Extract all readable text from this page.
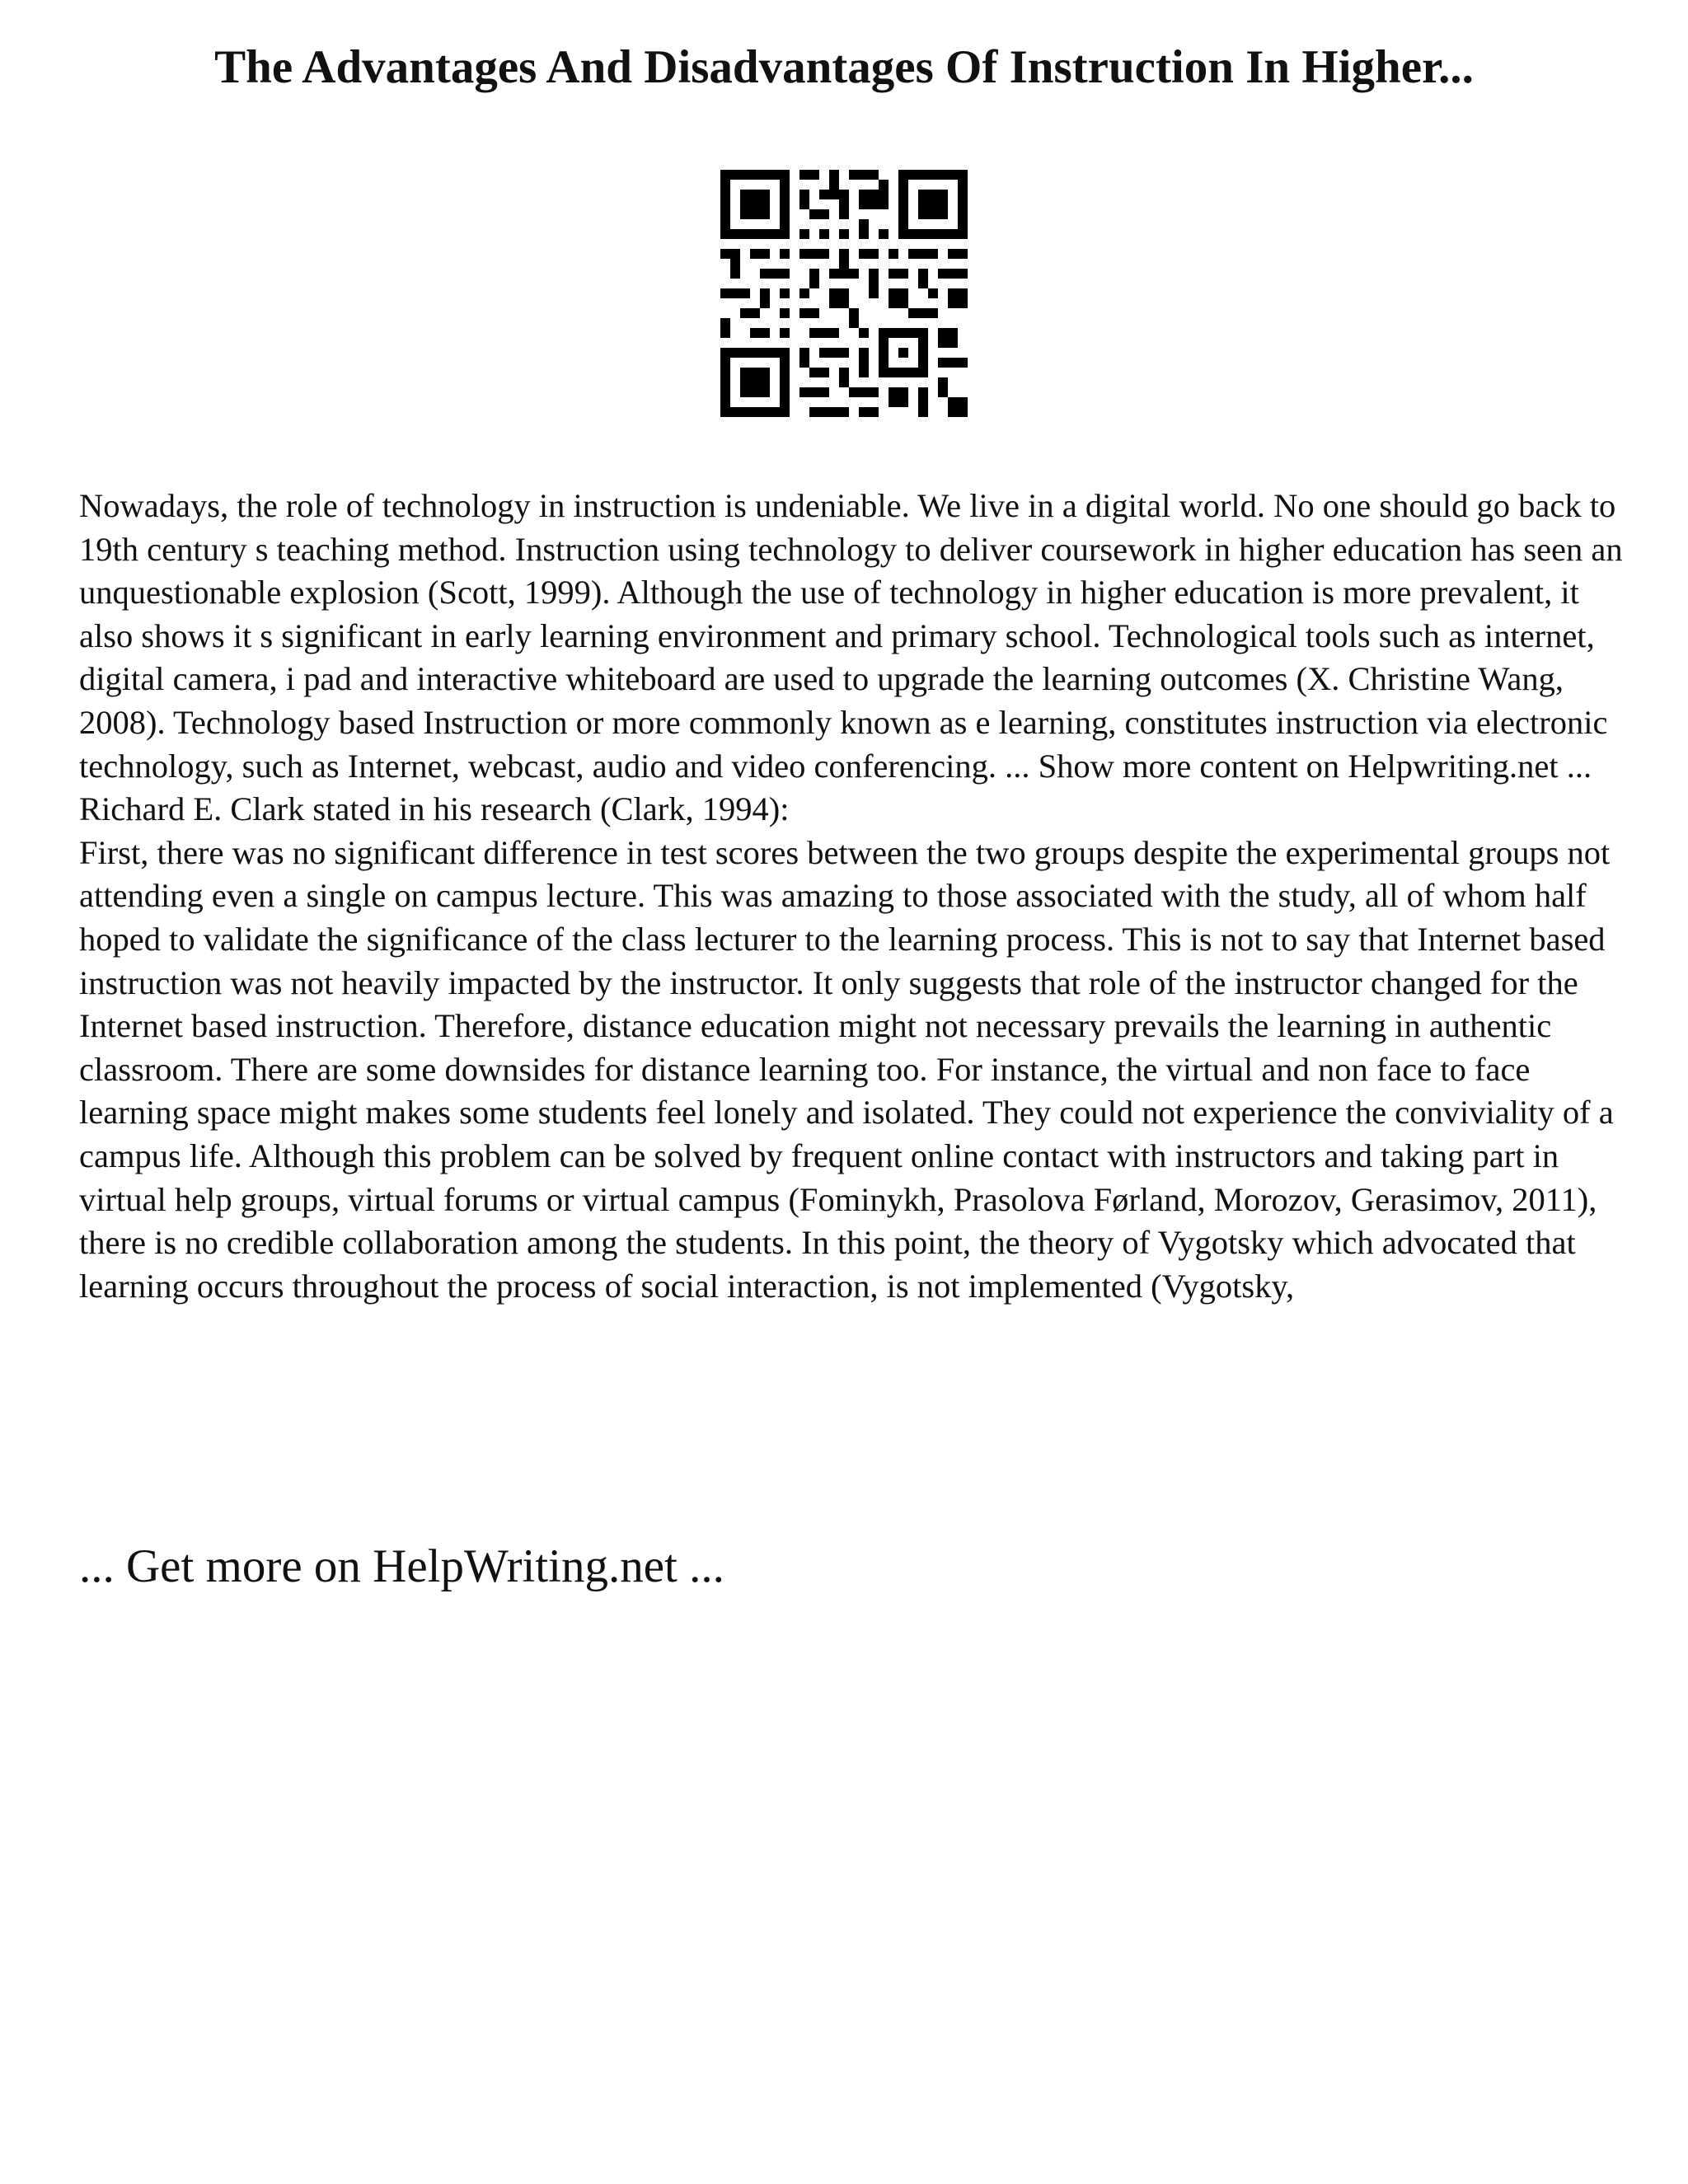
The Advantages And Disadvantages Of Instruction In Higher...

Nowadays, the role of technology in instruction is undeniable. We live in a digital world. No one should go back to 19th century s teaching method. Instruction using technology to deliver coursework in higher education has seen an unquestionable explosion (Scott, 1999). Although the use of technology in higher education is more prevalent, it also shows it s significant in early learning environment and primary school. Technological tools such as internet, digital camera, i pad and interactive whiteboard are used to upgrade the learning outcomes (X. Christine Wang, 2008). Technology based Instruction or more commonly known as e learning, constitutes instruction via electronic technology, such as Internet, webcast, audio and video conferencing. ... Show more content on Helpwriting.net ...

Richard E. Clark stated in his research (Clark, 1994):

First, there was no significant difference in test scores between the two groups despite the experimental groups not attending even a single on campus lecture. This was amazing to those associated with the study, all of whom half hoped to validate the significance of the class lecturer to the learning process. This is not to say that Internet based instruction was not heavily impacted by the instructor. It only suggests that role of the instructor changed for the Internet based instruction. Therefore, distance education might not necessary prevails the learning in authentic classroom. There are some downsides for distance learning too. For instance, the virtual and non face to face learning space might makes some students feel lonely and isolated. They could not experience the conviviality of a campus life. Although this problem can be solved by frequent online contact with instructors and taking part in virtual help groups, virtual forums or virtual campus (Fominykh, Prasolova Førland, Morozov, Gerasimov, 2011), there is no credible collaboration among the students. In this point, the theory of Vygotsky which advocated that learning occurs throughout the process of social interaction, is not implemented (Vygotsky,

... Get more on HelpWriting.net ...
